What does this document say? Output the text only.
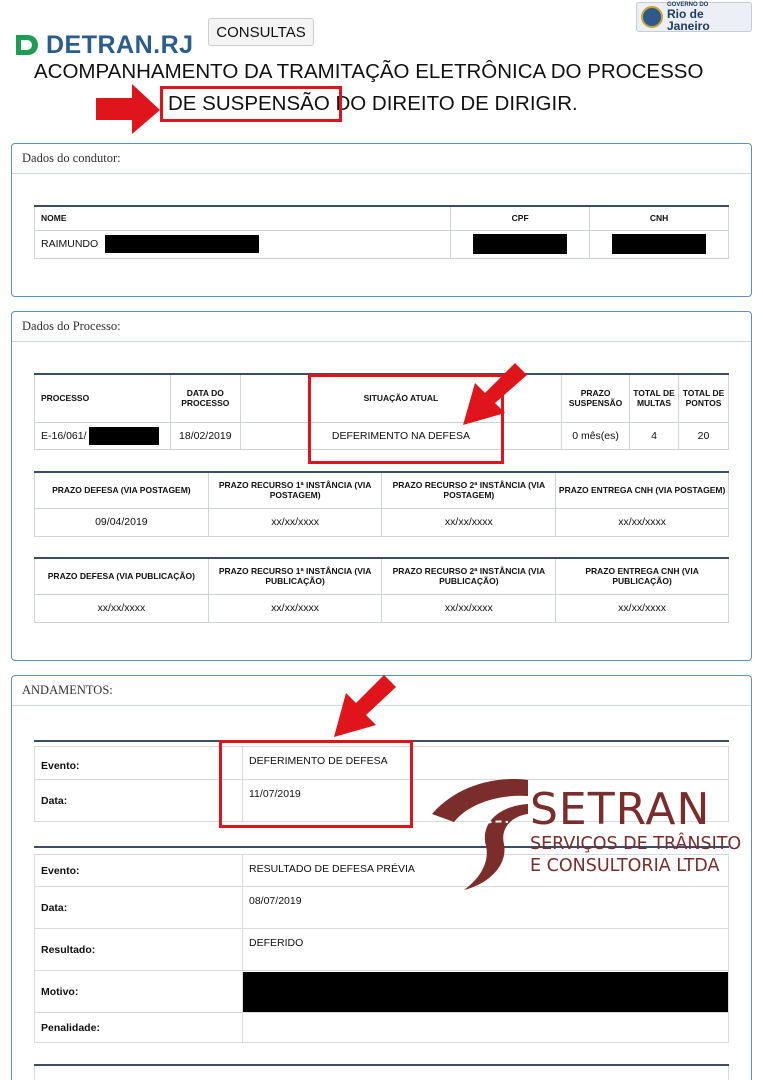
DETRAN.RJ	CONSULTAS
GOVERNO DO
Rio de Janeiro
ACOMPANHAMENTO DA TRAMITAÇÃO ELETRÔNICA DO PROCESSO
DE SUSPENSÃO DO DIREITO DE DIRIGIR.
Dados do condutor:
NOME	CPF	CNH
RAIMUNDO		
Dados do Processo:
PROCESSO	DATA DO PROCESSO	SITUAÇÃO ATUAL	PRAZO SUSPENSÃO	TOTAL DE MULTAS	TOTAL DE PONTOS
E-16/061/	18/02/2019	DEFERIMENTO NA DEFESA	0 mês(es)	4	20
PRAZO DEFESA (VIA POSTAGEM)	PRAZO RECURSO 1ª INSTÂNCIA (VIA POSTAGEM)	PRAZO RECURSO 2ª INSTÂNCIA (VIA POSTAGEM)	PRAZO ENTREGA CNH (VIA POSTAGEM)
09/04/2019	xx/xx/xxxx	xx/xx/xxxx	xx/xx/xxxx
PRAZO DEFESA (VIA PUBLICAÇÃO)	PRAZO RECURSO 1ª INSTÂNCIA (VIA PUBLICAÇÃO)	PRAZO RECURSO 2ª INSTÂNCIA (VIA PUBLICAÇÃO)	PRAZO ENTREGA CNH (VIA PUBLICAÇÃO)
xx/xx/xxxx	xx/xx/xxxx	xx/xx/xxxx	xx/xx/xxxx
ANDAMENTOS:
Evento:	DEFERIMENTO DE DEFESA
Data:	11/07/2019
Evento:	RESULTADO DE DEFESA PRÉVIA
Data:	08/07/2019
Resultado:	DEFERIDO
Motivo:	

Penalidade:	
SETRAN
SERVIÇOS DE TRÂNSITO
E CONSULTORIA LTDA
